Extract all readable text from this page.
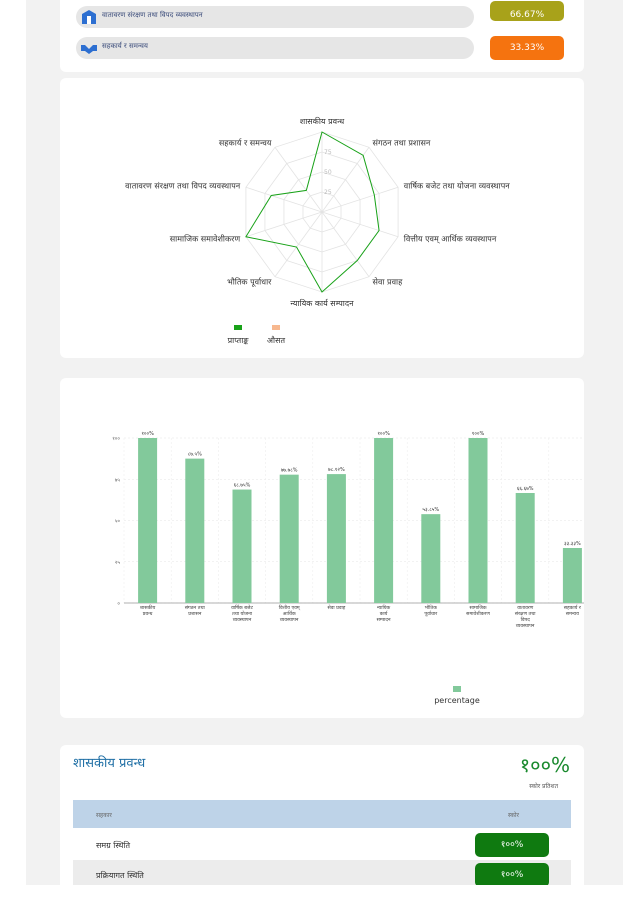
वातावरण संरक्षण तथा विपद व्यवस्थापन	66.67%
सहकार्य र समन्वय	33.33%
25
50
75
शासकीय प्रवन्ध
संगठन तथा प्रशासन
वार्षिक बजेट तथा योजना व्यवस्थापन
वित्तीय एवम् आर्थिक व्यवस्थापन
सेवा प्रवाह
न्यायिक कार्य सम्पादन
भौतिक पूर्वाधार
सामाजिक समावेशीकरण
वातावरण संरक्षण तथा विपद व्यवस्थापन
सहकार्य र समन्वय
प्राप्ताङ्क औसत
१००
७५
५०
२५
०
१००%
शासकीय प्रवन्ध
८७.५%
संगठन तथा प्रशासन
६८.७५%
वार्षिक बजेट तथा योजना व्यवस्थापन
७७.७८%
वित्तीय एवम् आर्थिक व्यवस्थापन
७८.१२%
सेवा प्रवाह
१००%
न्यायिक कार्य सम्पादन
५३.८५%
भौतिक पूर्वाधार
१००%
सामाजिक समावेशीकरण
६६.६७%
वातावरण संरक्षण तथा विपद व्यवस्थापन
३३.३३%
सहकार्य र समन्वय
percentage
शासकीय प्रवन्ध	१००%
स्कोर प्रतिशत
सहकार	स्कोर
समग्र स्थिति	१००%
प्रक्रियागत स्थिति	१००%
